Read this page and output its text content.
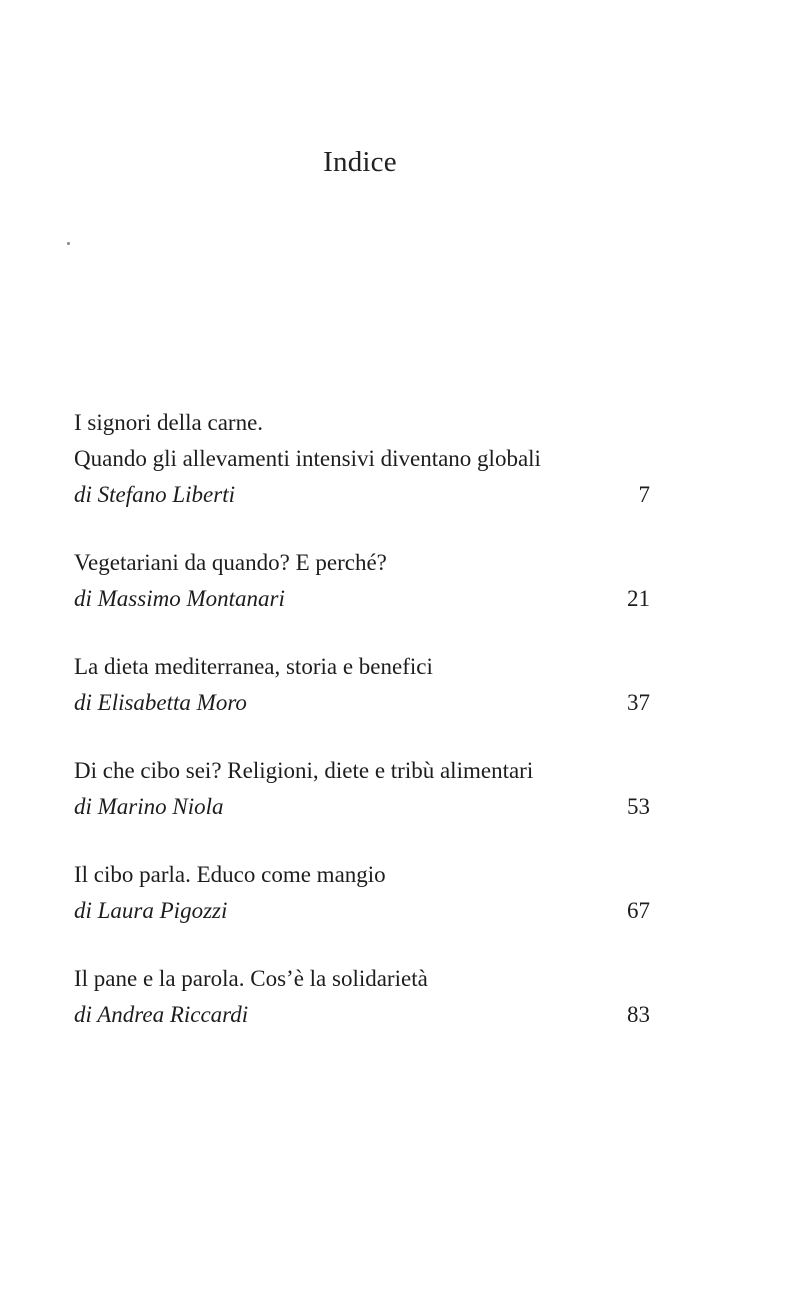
Indice
I signori della carne.
Quando gli allevamenti intensivi diventano globali
di Stefano Liberti	7
Vegetariani da quando? E perché?
di Massimo Montanari	21
La dieta mediterranea, storia e benefici
di Elisabetta Moro	37
Di che cibo sei? Religioni, diete e tribù alimentari
di Marino Niola	53
Il cibo parla. Educo come mangio
di Laura Pigozzi	67
Il pane e la parola. Cos’è la solidarietà
di Andrea Riccardi	83
